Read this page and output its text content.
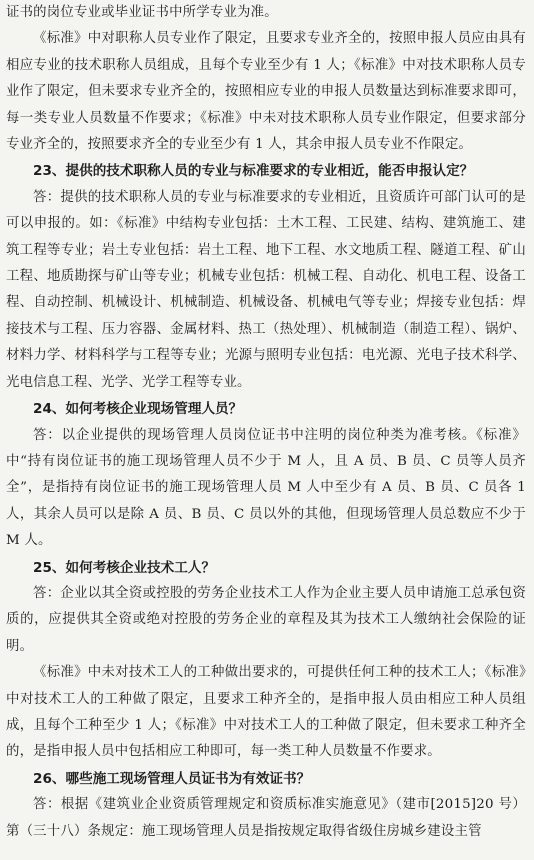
证书的岗位专业或毕业证书中所学专业为准。

《标准》中对职称人员专业作了限定，且要求专业齐全的，按照申报人员应由具有相应专业的技术职称人员组成，且每个专业至少有 1 人；《标准》中对技术职称人员专业作了限定，但未要求专业齐全的，按照相应专业的申报人员数量达到标准要求即可，每一类专业人员数量不作要求；《标准》中未对技术职称人员专业作限定，但要求部分专业齐全的，按照要求齐全的专业至少有 1 人，其余申报人员专业不作限定。

23、提供的技术职称人员的专业与标准要求的专业相近，能否申报认定？

答：提供的技术职称人员的专业与标准要求的专业相近，且资质许可部门认可的是可以申报的。如：《标准》中结构专业包括：土木工程、工民建、结构、建筑施工、建筑工程等专业；岩土专业包括：岩土工程、地下工程、水文地质工程、隧道工程、矿山工程、地质勘探与矿山等专业；机械专业包括：机械工程、自动化、机电工程、设备工程、自动控制、机械设计、机械制造、机械设备、机械电气等专业；焊接专业包括：焊接技术与工程、压力容器、金属材料、热工（热处理）、机械制造（制造工程）、锅炉、材料力学、材料科学与工程等专业；光源与照明专业包括：电光源、光电子技术科学、光电信息工程、光学、光学工程等专业。

24、如何考核企业现场管理人员？

答：以企业提供的现场管理人员岗位证书中注明的岗位种类为准考核。《标准》中“持有岗位证书的施工现场管理人员不少于 M 人，且 A 员、B 员、C 员等人员齐全”，是指持有岗位证书的施工现场管理人员 M 人中至少有 A 员、B 员、C 员各 1 人，其余人员可以是除 A 员、B 员、C 员以外的其他，但现场管理人员总数应不少于 M 人。

25、如何考核企业技术工人？

答：企业以其全资或控股的劳务企业技术工人作为企业主要人员申请施工总承包资质的，应提供其全资或绝对控股的劳务企业的章程及其为技术工人缴纳社会保险的证明。

《标准》中未对技术工人的工种做出要求的，可提供任何工种的技术工人；《标准》中对技术工人的工种做了限定，且要求工种齐全的，是指申报人员由相应工种人员组成，且每个工种至少 1 人；《标准》中对技术工人的工种做了限定，但未要求工种齐全的，是指申报人员中包括相应工种即可，每一类工种人员数量不作要求。

26、哪些施工现场管理人员证书为有效证书？

答：根据《建筑业企业资质管理规定和资质标准实施意见》（建市[2015]20 号）第（三十八）条规定：施工现场管理人员是指按规定取得省级住房城乡建设主管
